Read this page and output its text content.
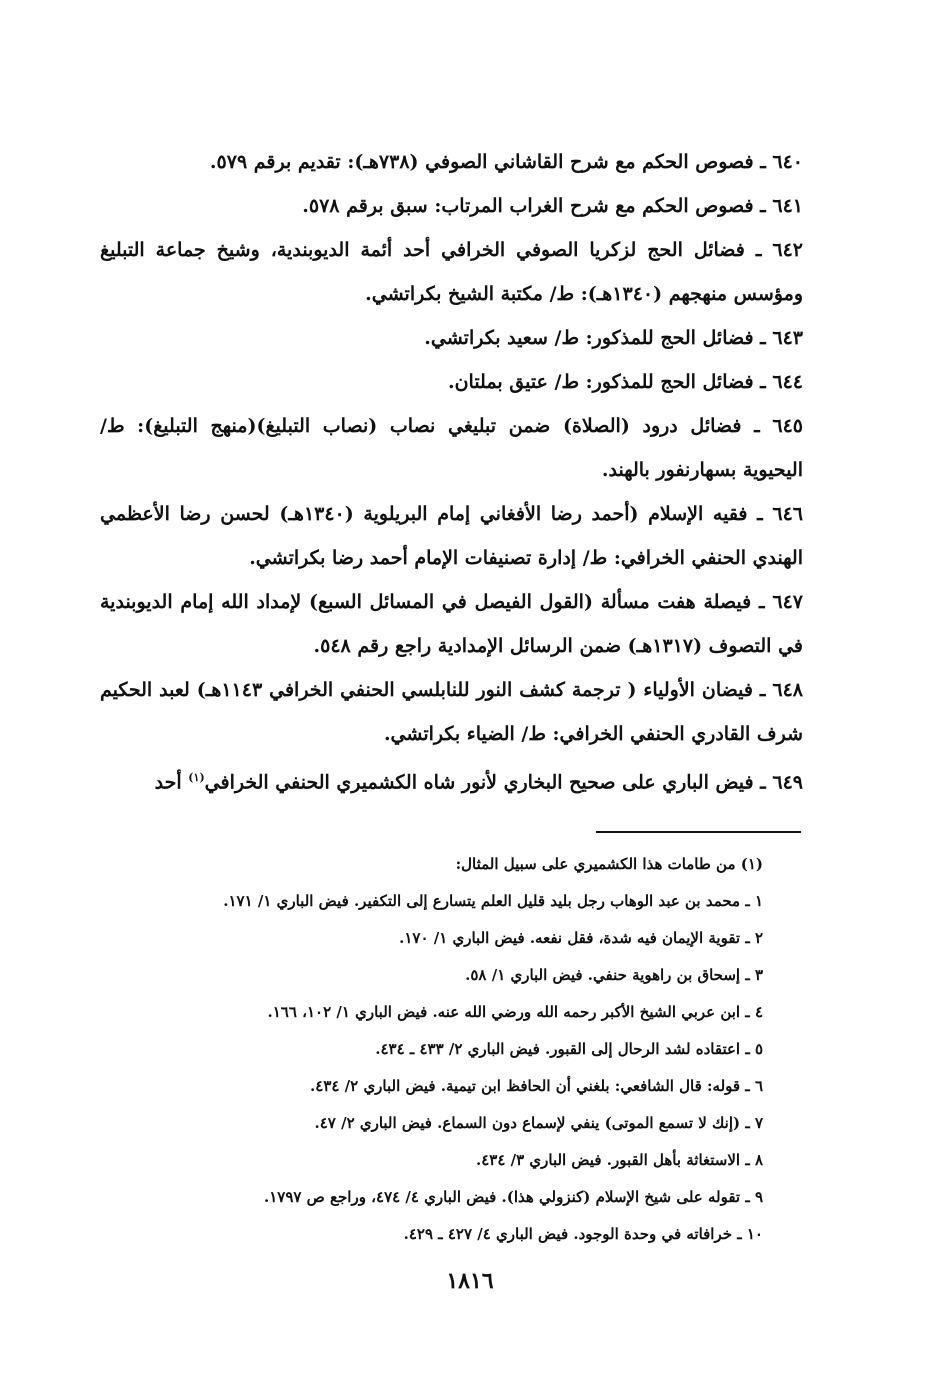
٦٤٠ ـ فصوص الحكم مع شرح القاشاني الصوفي (٧٣٨هـ): تقديم برقم ٥٧٩.

٦٤١ ـ فصوص الحكم مع شرح الغراب المرتاب: سبق برقم ٥٧٨.

٦٤٢ ـ فضائل الحج لزكريا الصوفي الخرافي أحد أئمة الديوبندية، وشيخ جماعة التبليغ ومؤسس منهجهم (١٣٤٠هـ): ط/ مكتبة الشيخ بكراتشي.

٦٤٣ ـ فضائل الحج للمذكور: ط/ سعيد بكراتشي.

٦٤٤ ـ فضائل الحج للمذكور: ط/ عتيق بملتان.

٦٤٥ ـ فضائل درود (الصلاة) ضمن تبليغي نصاب (نصاب التبليغ)(منهج التبليغ): ط/ اليحيوية بسهارنفور بالهند.

٦٤٦ ـ فقيه الإسلام (أحمد رضا الأفغاني إمام البريلوية (١٣٤٠هـ) لحسن رضا الأعظمي الهندي الحنفي الخرافي: ط/ إدارة تصنيفات الإمام أحمد رضا بكراتشي.

٦٤٧ ـ فيصلة هفت مسألة (القول الفيصل في المسائل السبع) لإمداد الله إمام الديوبندية في التصوف (١٣١٧هـ) ضمن الرسائل الإمدادية راجع رقم ٥٤٨.

٦٤٨ ـ فيضان الأولياء ( ترجمة كشف النور للنابلسي الحنفي الخرافي ١١٤٣هـ) لعبد الحكيم شرف القادري الحنفي الخرافي: ط/ الضياء بكراتشي.

٦٤٩ ـ فيض الباري على صحيح البخاري لأنور شاه الكشميري الحنفي الخرافي$^{(١)}$ أحد

(١) من طامات هذا الكشميري على سبيل المثال:
١ ـ محمد بن عبد الوهاب رجل بليد قليل العلم يتسارع إلى التكفير. فيض الباري ١/ ١٧١.
٢ ـ تقوية الإيمان فيه شدة، فقل نفعه. فيض الباري ١/ ١٧٠.
٣ ـ إسحاق بن راهوية حنفي. فيض الباري ١/ ٥٨.
٤ ـ ابن عربي الشيخ الأكبر رحمه الله ورضي الله عنه. فيض الباري ١/ ١٠٢، ١٦٦.
٥ ـ اعتقاده لشد الرحال إلى القبور. فيض الباري ٢/ ٤٣٣ ـ ٤٣٤.
٦ ـ قوله: قال الشافعي: بلغني أن الحافظ ابن تيمية. فيض الباري ٢/ ٤٣٤.
٧ ـ (إنك لا تسمع الموتى) ينفي لإسماع دون السماع. فيض الباري ٢/ ٤٧.
٨ ـ الاستغاثة بأهل القبور. فيض الباري ٣/ ٤٣٤.
٩ ـ تقوله على شيخ الإسلام (كنزولي هذا). فيض الباري ٤/ ٤٧٤، وراجع ص ١٧٩٧.
١٠ ـ خرافاته في وحدة الوجود. فيض الباري ٤/ ٤٢٧ ـ ٤٢٩.
١٨١٦
